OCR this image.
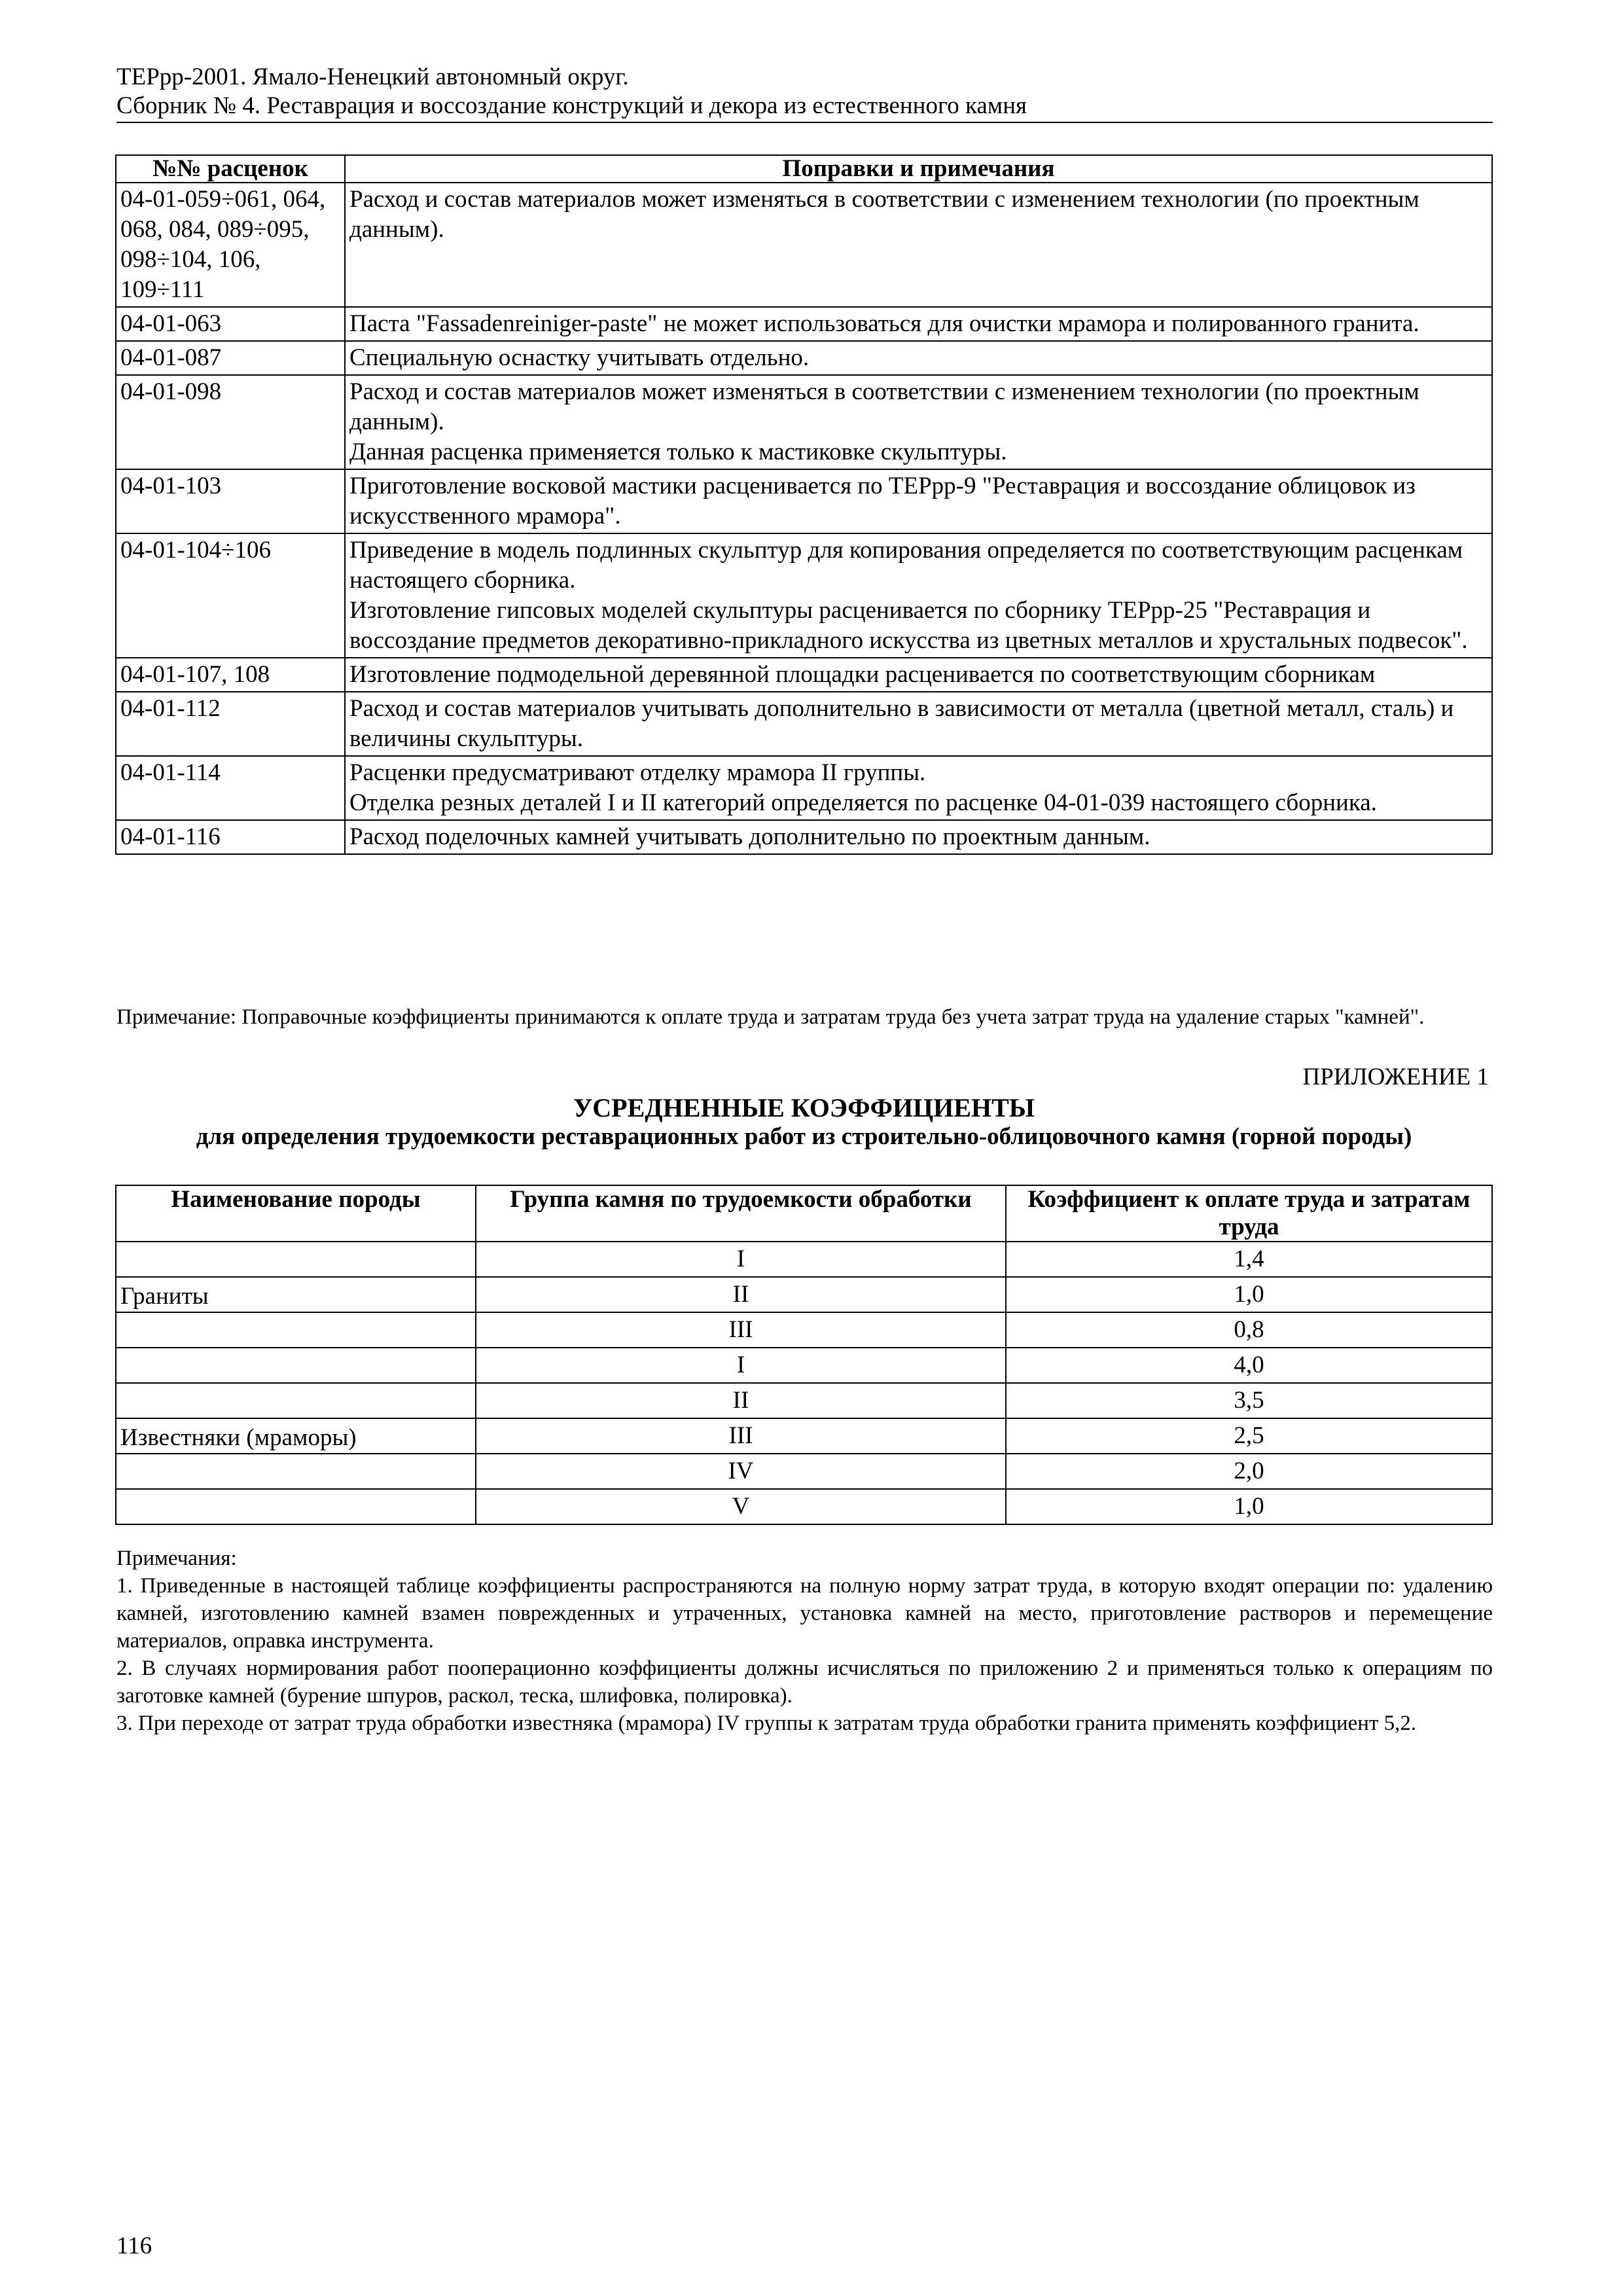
ТЕРрр-2001. Ямало-Ненецкий автономный округ.
Сборник № 4. Реставрация и воссоздание конструкций и декора из естественного камня
№№ расценок	Поправки и примечания
04-01-059÷061, 064, 068, 084, 089÷095, 098÷104, 106, 109÷111	Расход и состав материалов может изменяться в соответствии с изменением технологии (по проектным данным).

04-01-063	Паста "Fassadenreiniger-paste" не может использоваться для очистки мрамора и полированного гранита.

04-01-087	Специальную оснастку учитывать отдельно.

04-01-098	Расход и состав материалов может изменяться в соответствии с изменением технологии (по проектным данным).
Данная расценка применяется только к мастиковке скульптуры.

04-01-103	Приготовление восковой мастики расценивается по ТЕРрр-9 "Реставрация и воссоздание облицовок из искусственного мрамора".

04-01-104÷106	Приведение в модель подлинных скульптур для копирования определяется по соответствующим расценкам настоящего сборника.
Изготовление гипсовых моделей скульптуры расценивается по сборнику ТЕРрр-25 "Реставрация и воссоздание предметов декоративно-прикладного искусства из цветных металлов и хрустальных подвесок".

04-01-107, 108	Изготовление подмодельной деревянной площадки расценивается по соответствующим сборникам

04-01-112	Расход и состав материалов учитывать дополнительно в зависимости от металла (цветной металл, сталь) и величины скульптуры.

04-01-114	Расценки предусматривают отделку мрамора II группы.
Отделка резных деталей I и II категорий определяется по расценке 04-01-039 настоящего сборника.

04-01-116	Расход поделочных камней учитывать дополнительно по проектным данным.
Примечание: Поправочные коэффициенты принимаются к оплате труда и затратам труда без учета затрат труда на удаление старых "камней".
ПРИЛОЖЕНИЕ 1
УСРЕДНЕННЫЕ КОЭФФИЦИЕНТЫ
для определения трудоемкости реставрационных работ из строительно-облицовочного камня (горной породы)
Наименование породы	Группа камня по трудоемкости обработки	Коэффициент к оплате труда и затратам труда
	I	1,4
Граниты	II	1,0
	III	0,8
	I	4,0
	II	3,5
Известняки (мраморы)	III	2,5
	IV	2,0
	V	1,0

Примечания:

1. Приведенные в настоящей таблице коэффициенты распространяются на полную норму затрат труда, в которую входят операции по: удалению камней, изготовлению камней взамен поврежденных и утраченных, установка камней на место, приготовление растворов и перемещение материалов, оправка инструмента.

2. В случаях нормирования работ пооперационно коэффициенты должны исчисляться по приложению 2 и применяться только к операциям по заготовке камней (бурение шпуров, раскол, теска, шлифовка, полировка).

3. При переходе от затрат труда обработки известняка (мрамора) IV группы к затратам труда обработки гранита применять коэффициент 5,2.

116
